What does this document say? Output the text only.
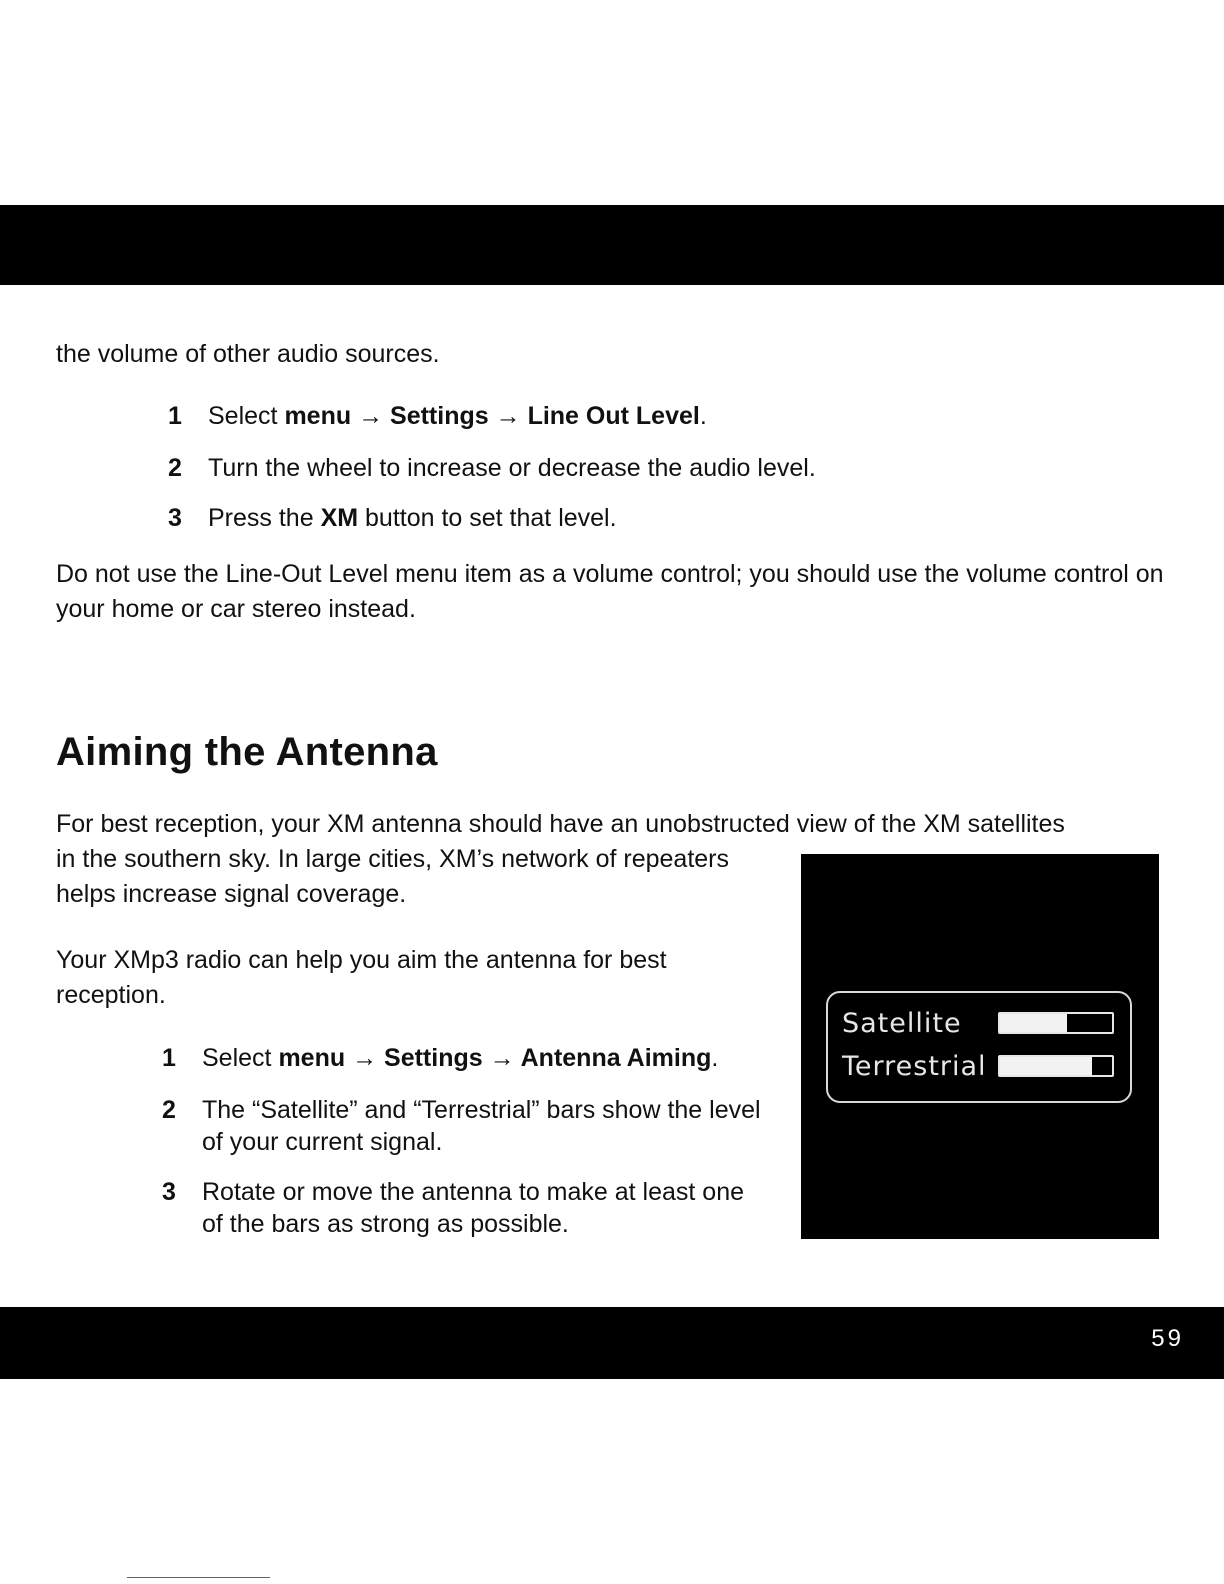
the volume of other audio sources.

1 Select menu → Settings → Line Out Level.
2 Turn the wheel to increase or decrease the audio level.
3 Press the XM button to set that level.

Do not use the Line-Out Level menu item as a volume control; you should use the volume control on your home or car stereo instead.

Aiming the Antenna

For best reception, your XM antenna should have an unobstructed view of the XM satellites

in the southern sky. In large cities, XM’s network of repeaters

helps increase signal coverage.

Your XMp3 radio can help you aim the antenna for best

reception.

1 Select menu → Settings → Antenna Aiming.
2 The “Satellite” and “Terrestrial” bars show the level
of your current signal.
3 Rotate or move the antenna to make at least one
of the bars as strong as possible.
Satellite
Terrestrial
59
